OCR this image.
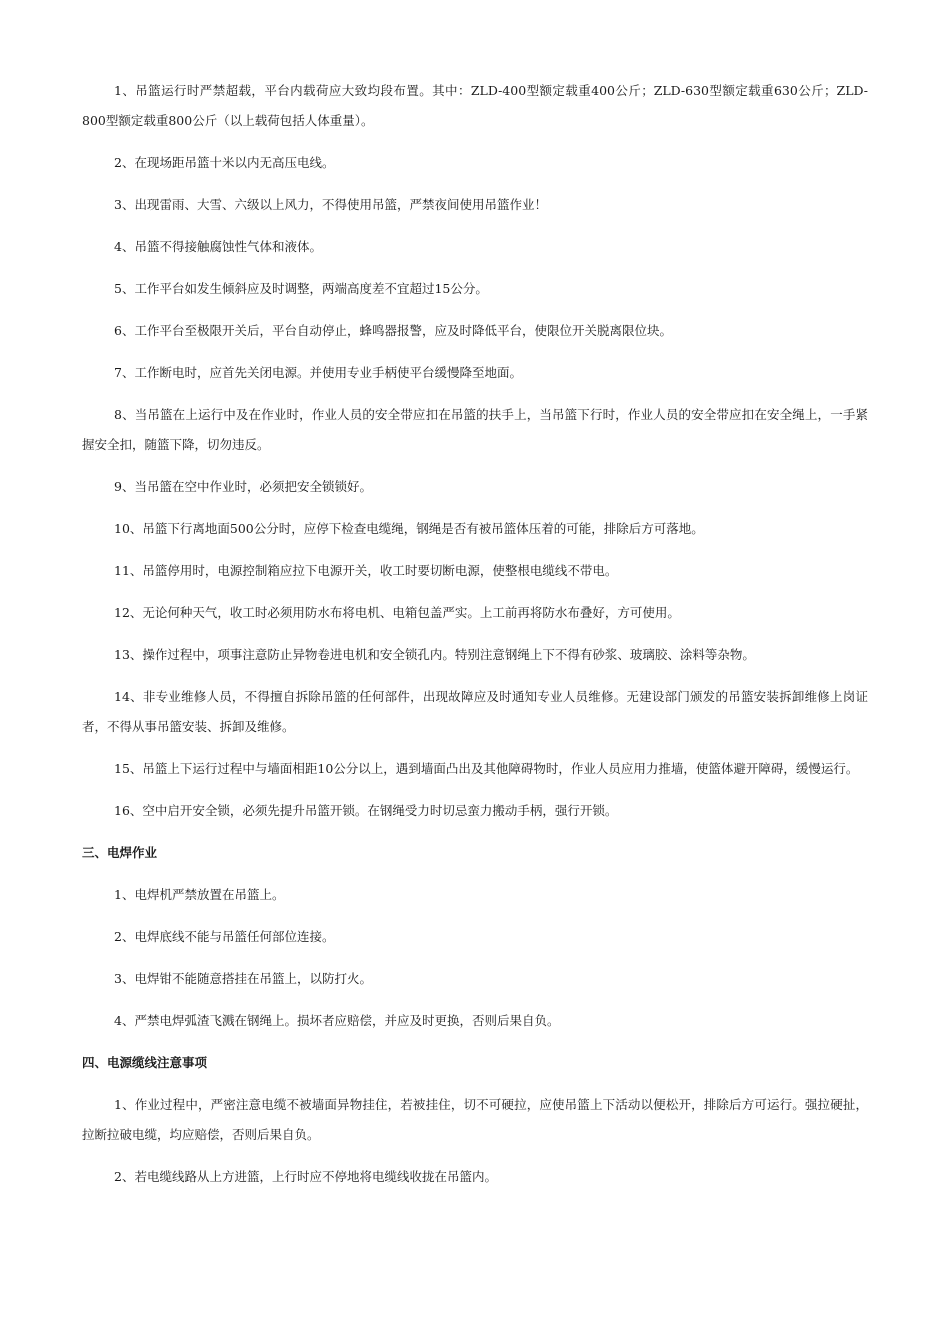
1、吊篮运行时严禁超载，平台内载荷应大致均段布置。其中：ZLD-400型额定载重400公斤；ZLD-630型额定载重630公斤；ZLD-800型额定载重800公斤（以上载荷包括人体重量）。

2、在现场距吊篮十米以内无高压电线。

3、出现雷雨、大雪、六级以上风力，不得使用吊篮，严禁夜间使用吊篮作业！

4、吊篮不得接触腐蚀性气体和液体。

5、工作平台如发生倾斜应及时调整，两端高度差不宜超过15公分。

6、工作平台至极限开关后，平台自动停止，蜂鸣器报警，应及时降低平台，使限位开关脱离限位块。

7、工作断电时，应首先关闭电源。并使用专业手柄使平台缓慢降至地面。

8、当吊篮在上运行中及在作业时，作业人员的安全带应扣在吊篮的扶手上，当吊篮下行时，作业人员的安全带应扣在安全绳上，一手紧握安全扣，随篮下降，切勿违反。

9、当吊篮在空中作业时，必须把安全锁锁好。

10、吊篮下行离地面500公分时，应停下检查电缆绳，钢绳是否有被吊篮体压着的可能，排除后方可落地。

11、吊篮停用时，电源控制箱应拉下电源开关，收工时要切断电源，使整根电缆线不带电。

12、无论何种天气，收工时必须用防水布将电机、电箱包盖严实。上工前再将防水布叠好，方可使用。

13、操作过程中，项事注意防止异物卷进电机和安全锁孔内。特别注意钢绳上下不得有砂浆、玻璃胶、涂料等杂物。

14、非专业维修人员，不得擅自拆除吊篮的任何部件，出现故障应及时通知专业人员维修。无建设部门颁发的吊篮安装拆卸维修上岗证者，不得从事吊篮安装、拆卸及维修。

15、吊篮上下运行过程中与墙面相距10公分以上，遇到墙面凸出及其他障碍物时，作业人员应用力推墙，使篮体避开障碍，缓慢运行。

16、空中启开安全锁，必须先提升吊篮开锁。在钢绳受力时切忌蛮力搬动手柄，强行开锁。

三、电焊作业

1、电焊机严禁放置在吊篮上。

2、电焊底线不能与吊篮任何部位连接。

3、电焊钳不能随意搭挂在吊篮上，以防打火。

4、严禁电焊弧渣飞溅在钢绳上。损坏者应赔偿，并应及时更换，否则后果自负。

四、电源缆线注意事项

1、作业过程中，严密注意电缆不被墙面异物挂住，若被挂住，切不可硬拉，应使吊篮上下活动以便松开，排除后方可运行。强拉硬扯，拉断拉破电缆，均应赔偿，否则后果自负。

2、若电缆线路从上方进篮，上行时应不停地将电缆线收拢在吊篮内。
